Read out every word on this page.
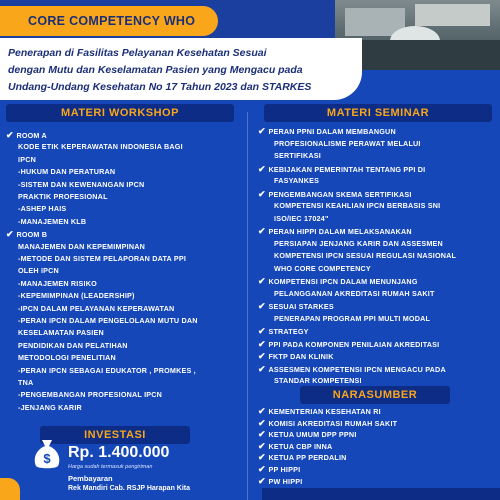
CORE COMPETENCY WHO
Penerapan di Fasilitas Pelayanan Kesehatan Sesuai
dengan Mutu dan Keselamatan Pasien yang Mengacu pada
Undang-Undang Kesehatan No 17 Tahun 2023 dan STARKES
MATERI WORKSHOP
✔ ROOM A
KODE ETIK KEPERAWATAN INDONESIA BAGI
IPCN
-HUKUM DAN PERATURAN
-SISTEM DAN KEWENANGAN IPCN
PRAKTIK PROFESIONAL
-ASHEP HAIS
-MANAJEMEN KLB
✔ ROOM B
MANAJEMEN DAN KEPEMIMPINAN
-METODE DAN SISTEM PELAPORAN DATA PPI
OLEH IPCN
-MANAJEMEN RISIKO
-KEPEMIMPINAN (LEADERSHIP)
-IPCN DALAM PELAYANAN KEPERAWATAN
-PERAN IPCN DALAM PENGELOLAAN MUTU DAN
KESELAMATAN PASIEN
PENDIDIKAN DAN PELATIHAN
METODOLOGI PENELITIAN
-PERAN IPCN SEBAGAI EDUKATOR , PROMKES ,
TNA
-PENGEMBANGAN PROFESIONAL IPCN
-JENJANG KARIR
INVESTASI
$ Rp. 1.400.000
Harga sudah termasuk pengiriman
Pembayaran
Rek Mandiri Cab. RSJP Harapan Kita
MATERI SEMINAR
✔ PERAN PPNI DALAM MEMBANGUN
PROFESIONALISME PERAWAT MELALUI
SERTIFIKASI
✔ KEBIJAKAN PEMERINTAH TENTANG PPI DI
FASYANKES
✔ PENGEMBANGAN SKEMA SERTIFIKASI
KOMPETENSI KEAHLIAN IPCN BERBASIS SNI
ISO/IEC 17024"
✔ PERAN HIPPI DALAM MELAKSANAKAN
PERSIAPAN JENJANG KARIR DAN ASSESMEN
KOMPETENSI IPCN SESUAI REGULASI NASIONAL
WHO CORE COMPETENCY
✔ KOMPETENSI IPCN DALAM MENUNJANG
PELANGGANAN AKREDITASI RUMAH SAKIT
✔ SESUAI STARKES
PENERAPAN PROGRAM PPI MULTI MODAL
✔ STRATEGY
✔ PPI PADA KOMPONEN PENILAIAN AKREDITASI
✔ FKTP DAN KLINIK
✔ ASSESMEN KOMPETENSI IPCN MENGACU PADA
STANDAR KOMPETENSI
NARASUMBER
✔ KEMENTERIAN KESEHATAN RI
✔ KOMISI AKREDITASI RUMAH SAKIT
✔ KETUA UMUM DPP PPNI
✔ KETUA CBP INNA
✔ KETUA PP PERDALIN
✔ PP HIPPI
✔ PW HIPPI
